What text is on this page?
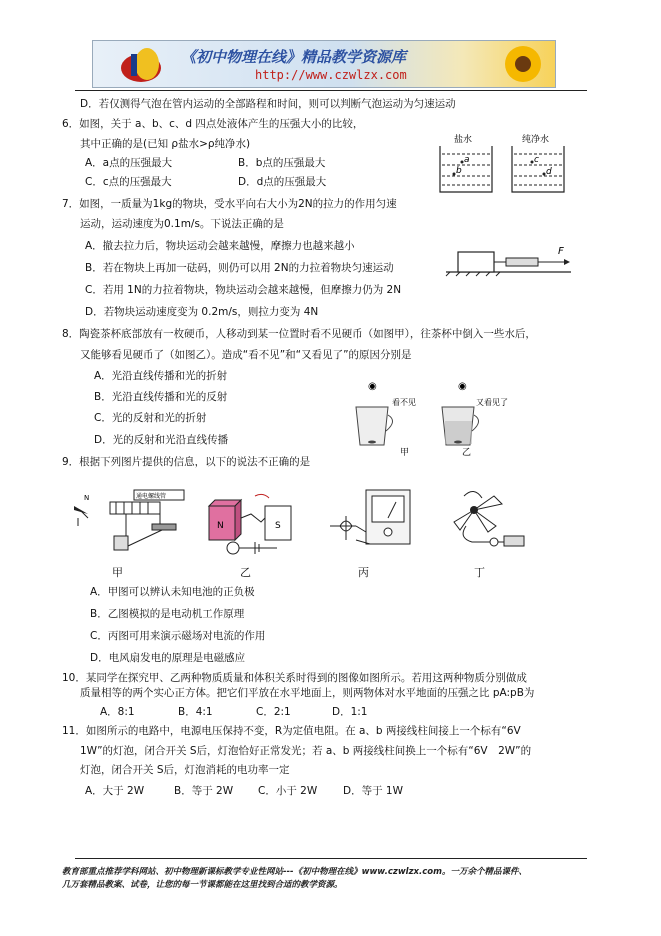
《初中物理在线》精品教学资源库
http://www.czwlzx.com
D．若仅测得气泡在管内运动的全部路程和时间，则可以判断气泡运动为匀速运动
6．如图，关于 a、b、c、d 四点处液体产生的压强大小的比较，
其中正确的是(已知 ρ盐水>ρ纯净水)
A．a点的压强最大	B．b点的压强最大
C．c点的压强最大	D．d点的压强最大
7．如图，一质量为1kg的物块，受水平向右大小为2N的拉力的作用匀速
运动，运动速度为0.1m/s。下说法正确的是
A．撤去拉力后，物块运动会越来越慢，摩擦力也越来越小
B．若在物块上再加一砝码，则仍可以用 2N的力拉着物块匀速运动
C．若用 1N的力拉着物块，物块运动会越来越慢，但摩擦力仍为 2N
D．若物块运动速度变为 0.2m/s，则拉力变为 4N
8．陶瓷茶杯底部放有一枚硬币，人移动到某一位置时看不见硬币（如图甲），往茶杯中倒入一些水后，
又能够看见硬币了（如图乙）。造成“看不见”和“又看见了”的原因分别是
A．光沿直线传播和光的折射
B．光沿直线传播和光的反射
C．光的反射和光的折射
D．光的反射和光沿直线传播
9．根据下列图片提供的信息，以下的说法不正确的是
A．甲图可以辨认未知电池的正负极
B．乙图模拟的是电动机工作原理
C．丙图可用来演示磁场对电流的作用
D．电风扇发电的原理是电磁感应
10．某同学在探究甲、乙两种物质质量和体积关系时得到的图像如图所示。若用这两种物质分别做成
质量相等的两个实心正方体。把它们平放在水平地面上，则两物体对水平地面的压强之比 pA:pB为
A．8:1	B．4:1	C．2:1	D．1:1
11．如图所示的电路中，电源电压保持不变，R为定值电阻。在 a、b 两接线柱间接上一个标有“6V
1W”的灯泡，闭合开关 S后，灯泡恰好正常发光；若 a、b 两接线柱间换上一个标有“6V　2W”的
灯泡，闭合开关 S后，灯泡消耗的电功率一定
A．大于 2W	B．等于 2W C．小于 2W D．等于 1W
盐水	纯净水
a
b
c
d
F
◉
看不见
甲
◉
又看见了
乙
N	通电螺线管
N	S
甲	乙	丙	丁
教育部重点推荐学科网站、初中物理新课标教学专业性网站---《初中物理在线》www.czwlzx.com。一万余个精品课件、
几万套精品教案、试卷，让您的每一节课都能在这里找到合适的教学资源。
